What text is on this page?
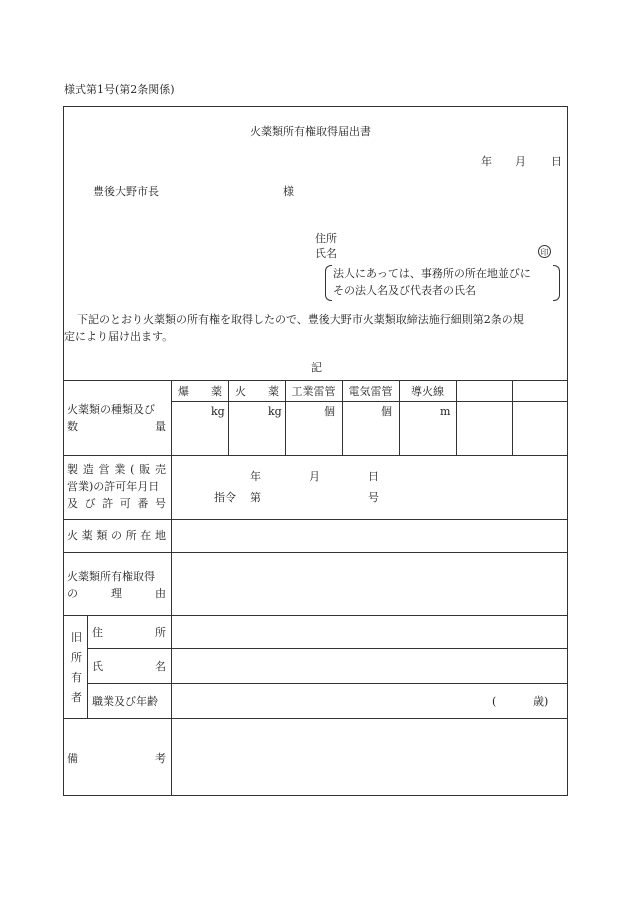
様式第1号(第2条関係)
火薬類所有権取得届出書
年 月 日
豊後大野市長	様
住所
氏名	印
法人にあっては、事務所の所在地並びに
その法人名及び代表者の氏名
下記のとおり火薬類の所有権を取得したので、豊後大野市火薬類取締法施行細則第2条の規
定により届け出ます。
記
火薬類の種類及び
数	量
爆 薬 火 薬	工業雷管	電気雷管	導火線
kg	kg	個	個	m
製 造 営 業 ( 販 売
営業)の許可年月日
及 び 許 可 番 号
年	月	日
指令 第	号
火 薬 類 の 所 在 地
火薬類所有権取得
の	理	由
旧
所
有
者
住	所
氏	名
職業及び年齢	(	歳)
備	考
